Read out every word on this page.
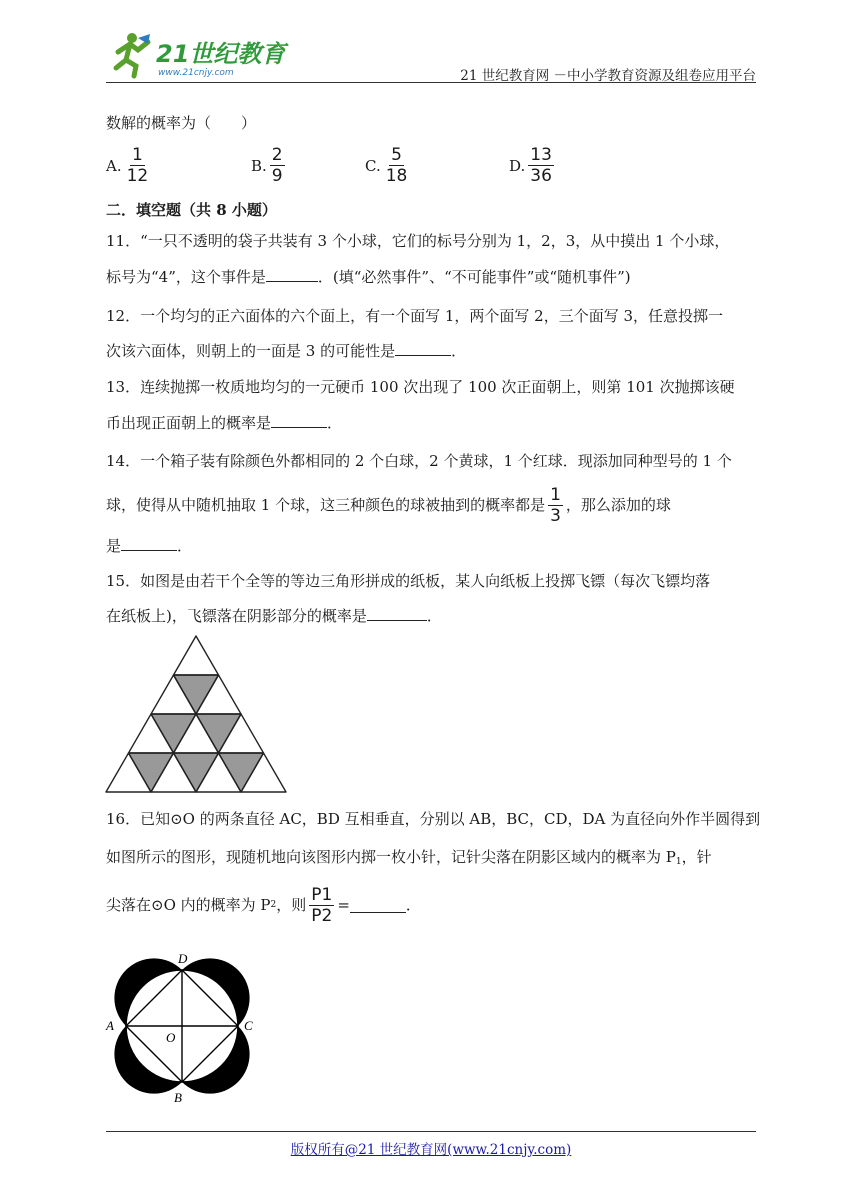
21世纪教育
www.21cnjy.com	21 世纪教育网 －中小学教育资源及组卷应用平台
数解的概率为（　　）
A. $\frac{1}{12}$	B. $\frac{2}{9}$	C. $\frac{5}{18}$	D. $\frac{13}{36}$
二．填空题（共 8 小题）
11．“一只不透明的袋子共装有 3 个小球，它们的标号分别为 1，2，3，从中摸出 1 个小球，
标号为“4”，这个事件是	．(填“必然事件”、“不可能事件”或“随机事件”)
12．一个均匀的正六面体的六个面上，有一个面写 1，两个面写 2，三个面写 3，任意投掷一
次该六面体，则朝上的一面是 3 的可能性是	．
13．连续抛掷一枚质地均匀的一元硬币 100 次出现了 100 次正面朝上，则第 101 次抛掷该硬
币出现正面朝上的概率是	．
14．一个箱子装有除颜色外都相同的 2 个白球，2 个黄球，1 个红球．现添加同种型号的 1 个
球，使得从中随机抽取 1 个球，这三种颜色的球被抽到的概率都是 $\frac{1}{3}$ ，那么添加的球
是	．
15．如图是由若干个全等的等边三角形拼成的纸板，某人向纸板上投掷飞镖（每次飞镖均落
在纸板上)，飞镖落在阴影部分的概率是	．
16．已知⊙O 的两条直径 AC，BD 互相垂直，分别以 AB，BC，CD，DA 为直径向外作半圆得到
如图所示的图形，现随机地向该图形内掷一枚小针，记针尖落在阴影区域内的概率为 $P_1$，针
尖落在⊙O 内的概率为 P 2 ，则 $\frac{P1}{P2}$ =	．
D
A	C
B
O
版权所有@21 世纪教育网(www.21cnjy.com)
